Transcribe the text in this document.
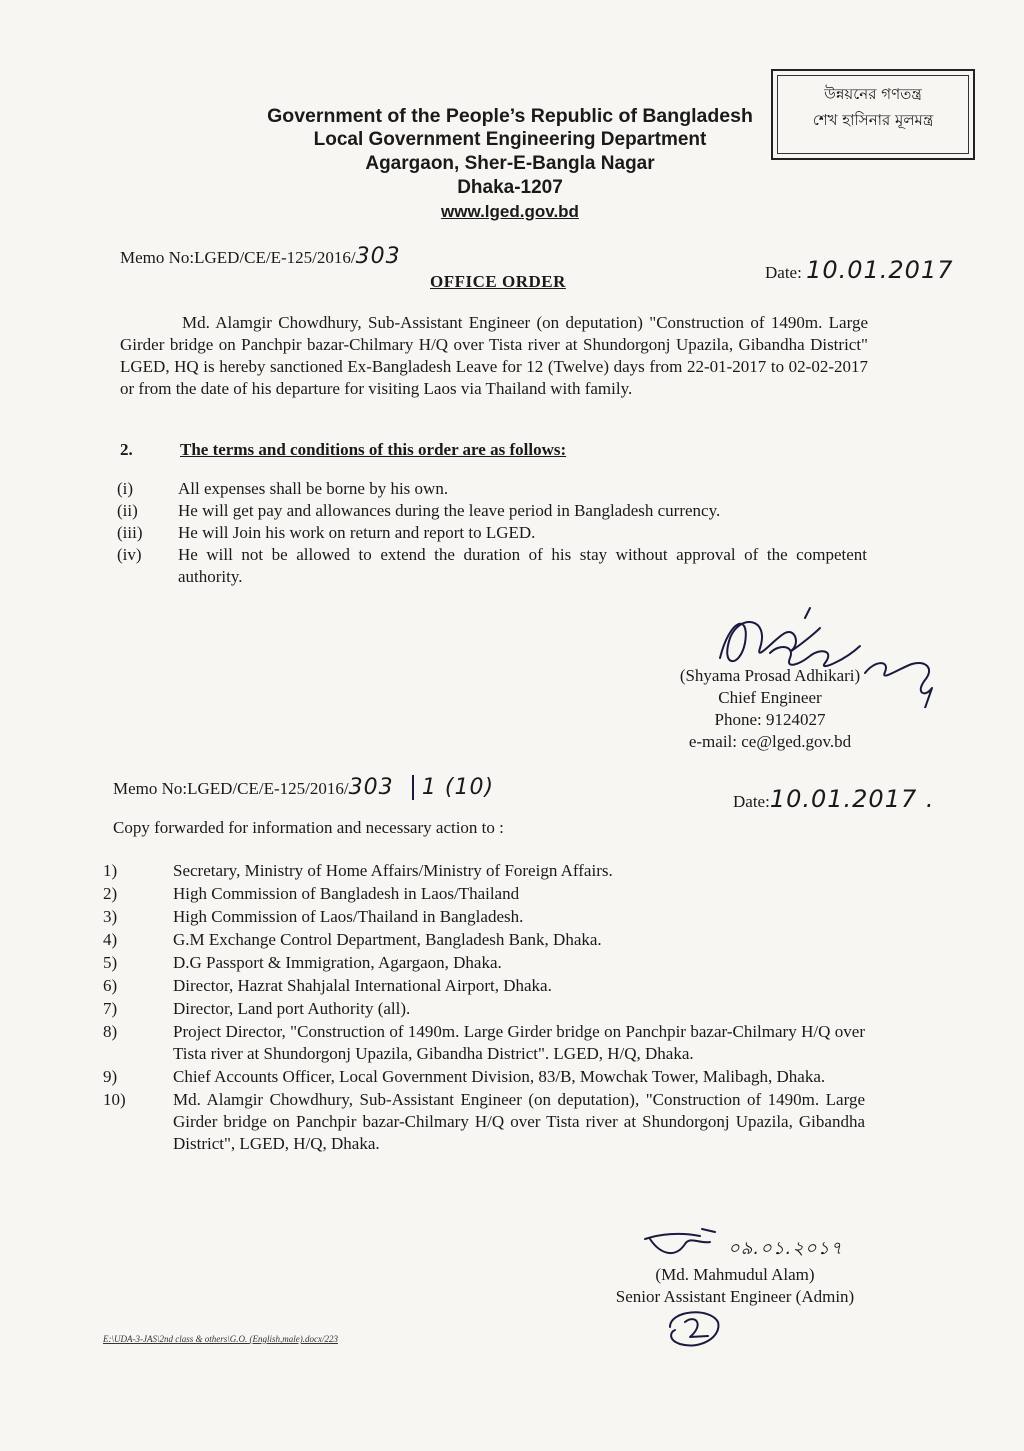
উন্নয়নের গণতন্ত্র
শেখ হাসিনার মূলমন্ত্র
Government of the People’s Republic of Bangladesh
Local Government Engineering Department
Agargaon, Sher-E-Bangla Nagar
Dhaka-1207
www.lged.gov.bd
Memo No:LGED/CE/E-125/2016/303
Date: 10.01.2017
OFFICE ORDER
Md. Alamgir Chowdhury, Sub-Assistant Engineer (on deputation) "Construction of 1490m. Large Girder bridge on Panchpir bazar-Chilmary H/Q over Tista river at Shundorgonj Upazila, Gibandha District" LGED, HQ is hereby sanctioned Ex-Bangladesh Leave for 12 (Twelve) days from 22-01-2017 to 02-02-2017 or from the date of his departure for visiting Laos via Thailand with family.
2.	The terms and conditions of this order are as follows:
(i)	All expenses shall be borne by his own.
(ii)	He will get pay and allowances during the leave period in Bangladesh currency.
(iii)	He will Join his work on return and report to LGED.
(iv)	He will not be allowed to extend the duration of his stay without approval of the competent authority.
(Shyama Prosad Adhikari)
Chief Engineer
Phone: 9124027
e-mail: ce@lged.gov.bd
Memo No:LGED/CE/E-125/2016/303 1 (10)
Date:10.01.2017 .
Copy forwarded for information and necessary action to :
1)	Secretary, Ministry of Home Affairs/Ministry of Foreign Affairs.
2)	High Commission of Bangladesh in Laos/Thailand
3)	High Commission of Laos/Thailand in Bangladesh.
4)	G.M Exchange Control Department, Bangladesh Bank, Dhaka.
5)	D.G Passport & Immigration, Agargaon, Dhaka.
6)	Director, Hazrat Shahjalal International Airport, Dhaka.
7)	Director, Land port Authority (all).
8)	Project Director, "Construction of 1490m. Large Girder bridge on Panchpir bazar-Chilmary H/Q over Tista river at Shundorgonj Upazila, Gibandha District". LGED, H/Q, Dhaka.
9)	Chief Accounts Officer, Local Government Division, 83/B, Mowchak Tower, Malibagh, Dhaka.
10)	Md. Alamgir Chowdhury, Sub-Assistant Engineer (on deputation), "Construction of 1490m. Large Girder bridge on Panchpir bazar-Chilmary H/Q over Tista river at Shundorgonj Upazila, Gibandha District", LGED, H/Q, Dhaka.
০৯.০১.২০১৭
(Md. Mahmudul Alam)
Senior Assistant Engineer (Admin)
E:\UDA-3-JAS\2nd class & others\G.O. (English,male).docx/223
